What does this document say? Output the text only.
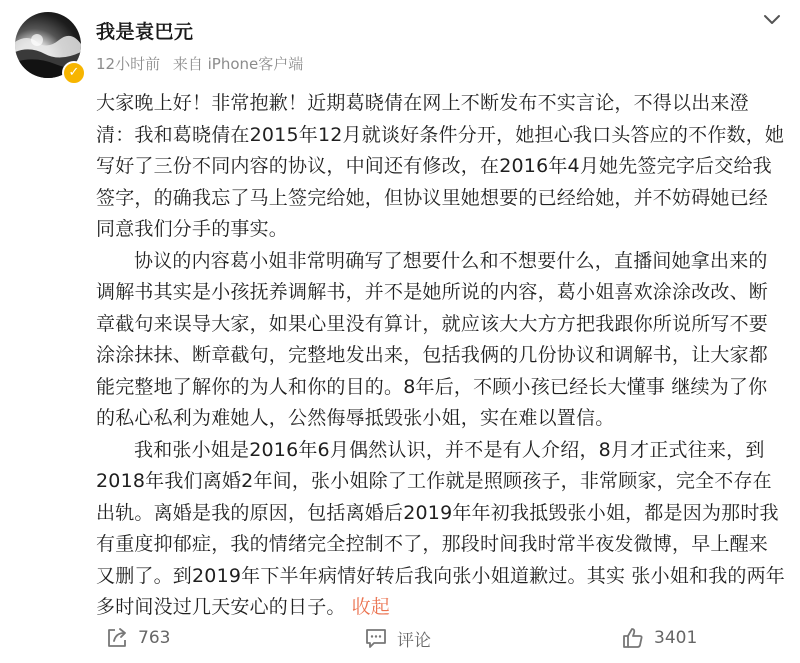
✓
我是袁巴元
12小时前 来自 iPhone客户端

大家晚上好！非常抱歉！近期葛晓倩在网上不断发布不实言论，不得以出来澄清：我和葛晓倩在2015年12月就谈好条件分开，她担心我口头答应的不作数，她写好了三份不同内容的协议，中间还有修改，在2016年4月她先签完字后交给我签字，的确我忘了马上签完给她，但协议里她想要的已经给她，并不妨碍她已经同意我们分手的事实。

协议的内容葛小姐非常明确写了想要什么和不想要什么，直播间她拿出来的调解书其实是小孩抚养调解书，并不是她所说的内容，葛小姐喜欢涂涂改改、断章截句来误导大家，如果心里没有算计，就应该大大方方把我跟你所说所写不要涂涂抹抹、断章截句，完整地发出来，包括我俩的几份协议和调解书，让大家都能完整地了解你的为人和你的目的。8年后，不顾小孩已经长大懂事 继续为了你的私心私利为难她人，公然侮辱抵毁张小姐，实在难以置信。

我和张小姐是2016年6月偶然认识，并不是有人介绍，8月才正式往来，到2018年我们离婚2年间，张小姐除了工作就是照顾孩子，非常顾家，完全不存在出轨。离婚是我的原因，包括离婚后2019年年初我抵毁张小姐，都是因为那时我有重度抑郁症，我的情绪完全控制不了，那段时间我时常半夜发微博，早上醒来又删了。到2019年下半年病情好转后我向张小姐道歉过。其实 张小姐和我的两年多时间没过几天安心的日子。 收起

763	评论	3401
